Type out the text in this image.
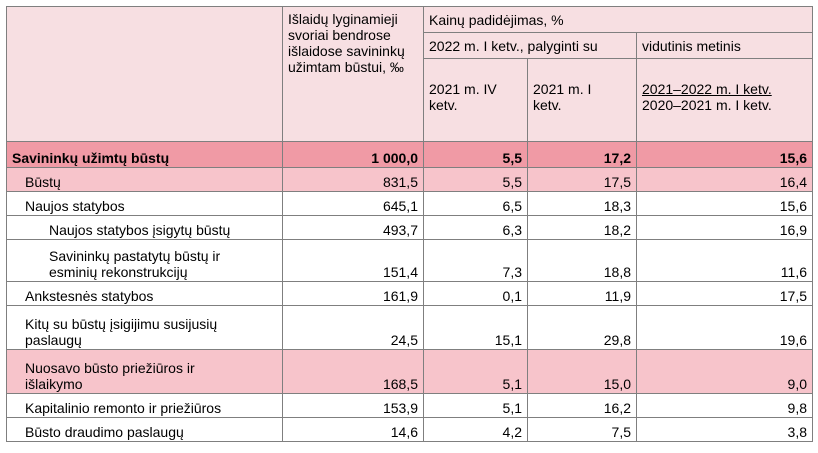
	Išlaidų lyginamieji svoriai bendrose išlaidose savininkų užimtam būstui, ‰	Kainų padidėjimas, %		
		2022 m. I ketv., palyginti su		vidutinis metinis

		2021 m. IV ketv.	2021 m. I ketv.	2021–2022 m. I ketv.
2020–2021 m. I ketv.

Savininkų užimtų būstų	1 000,0	5,5	17,2	15,6
Būstų	831,5	5,5	17,5	16,4
Naujos statybos	645,1	6,5	18,3	15,6
Naujos statybos įsigytų būstų	493,7	6,3	18,2	16,9

Savininkų pastatytų būstų ir esminių rekonstrukcijų	151,4	7,3	18,8	11,6
Ankstesnės statybos	161,9	0,1	11,9	17,5

Kitų su būstų įsigijimu susijusių paslaugų	24,5	15,1	29,8	19,6

Nuosavo būsto priežiūros ir išlaikymo	168,5	5,1	15,0	9,0
Kapitalinio remonto ir priežiūros	153,9	5,1	16,2	9,8
Būsto draudimo paslaugų	14,6	4,2	7,5	3,8
